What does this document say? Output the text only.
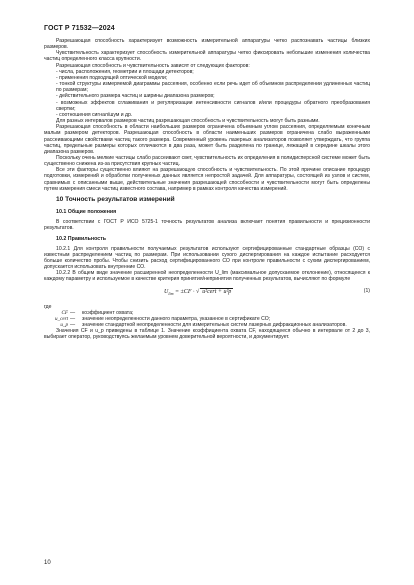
ГОСТ Р 71532—2024

Разрешающая способность характеризует возможность измерительной аппаратуры четко распознавать частицы близких размеров.

Чувствительность характеризует способность измерительной аппаратуры четко фиксировать небольшие изменения количества частиц определенного класса крупности.

Разрешающая способность и чувствительность зависят от следующих факторов:

- числа, расположения, геометрии и площади детекторов;

- применения подходящей оптической модели;

- тонкой структуры измеряемой диаграммы рассеяния, особенно если речь идет об объемном распределении удлиненных частиц по размерам;

- действительного размера частиц и ширины диапазона размеров;

- возможных эффектов сглаживания и регуляризации интенсивности сигналов и/или процедуры обратного преобразования свертки;

- соотношения сигнал/шум и др.

Для разных интервалов размеров частиц разрешающая способность и чувствительность могут быть разными.

Разрешающая способность в области наибольших размеров ограничена объемным углом рассеяния, определяемым конечным малым размером детекторов. Разрешающая способность в области наименьших размеров ограничена слабо выраженными рассеивающими свойствами частиц такого размера. Современный уровень лазерных анализаторов позволяет утверждать, что группа частиц, предельные размеры которых отличаются в два раза, может быть разделена по границе, лежащей в середине шкалы этого диапазона размеров.

Поскольку очень мелкие частицы слабо рассеивают свет, чувствительность их определения в полидисперсной системе может быть существенно снижена из-за присутствия крупных частиц.

Все эти факторы существенно влияют на разрешающую способность и чувствительность. По этой причине описание процедур подготовки, измерений и обработки полученных данных является непростой задачей. Для аппаратуры, состоящей из узлов и систем, сравнимых с описанными выше, действительные значения разрешающей способности и чувствительности могут быть определены путем измерения смеси частиц известного состава, например в рамках контроля качества измерений.

10 Точность результатов измерений
10.1 Общие положения

В соответствии с ГОСТ Р ИСО 5725-1 точность результатов анализа включает понятия правильности и прецизионности результатов.

10.2 Правильность

10.2.1 Для контроля правильности получаемых результатов используют сертифицированные стандартные образцы (СО) с известным распределением частиц по размерам. При использовании сухого диспергирования на каждое испытание расходуется больше количество пробы. Чтобы снизить расход сертифицированного СО при контроле правильности с сухим диспергированием, допускается использовать внутренние СО.

10.2.2 В общем виде значение расширенной неопределенности U_lim (максимальное допускаемое отклонение), относящееся к каждому параметру и используемое в качестве критерия принятия/непринятия полученных результатов, вычисляют по формуле

$U_{lim} = \pm CF$ · √ u²cert + u²p	(1)

где

CF —	коэффициент охвата;
u_cert —	значение неопределенности данного параметра, указанное в сертификате СО;
u_p —	значение стандартной неопределенности для измерительных систем лазерных дифракционных анализаторов.

Значения CF и u_p приведены в таблице 1. Значение коэффициента охвата CF, находящееся обычно в интервале от 2 до 3, выбирает оператор, руководствуясь желаемым уровнем доверительной вероятности, и документирует.

10
